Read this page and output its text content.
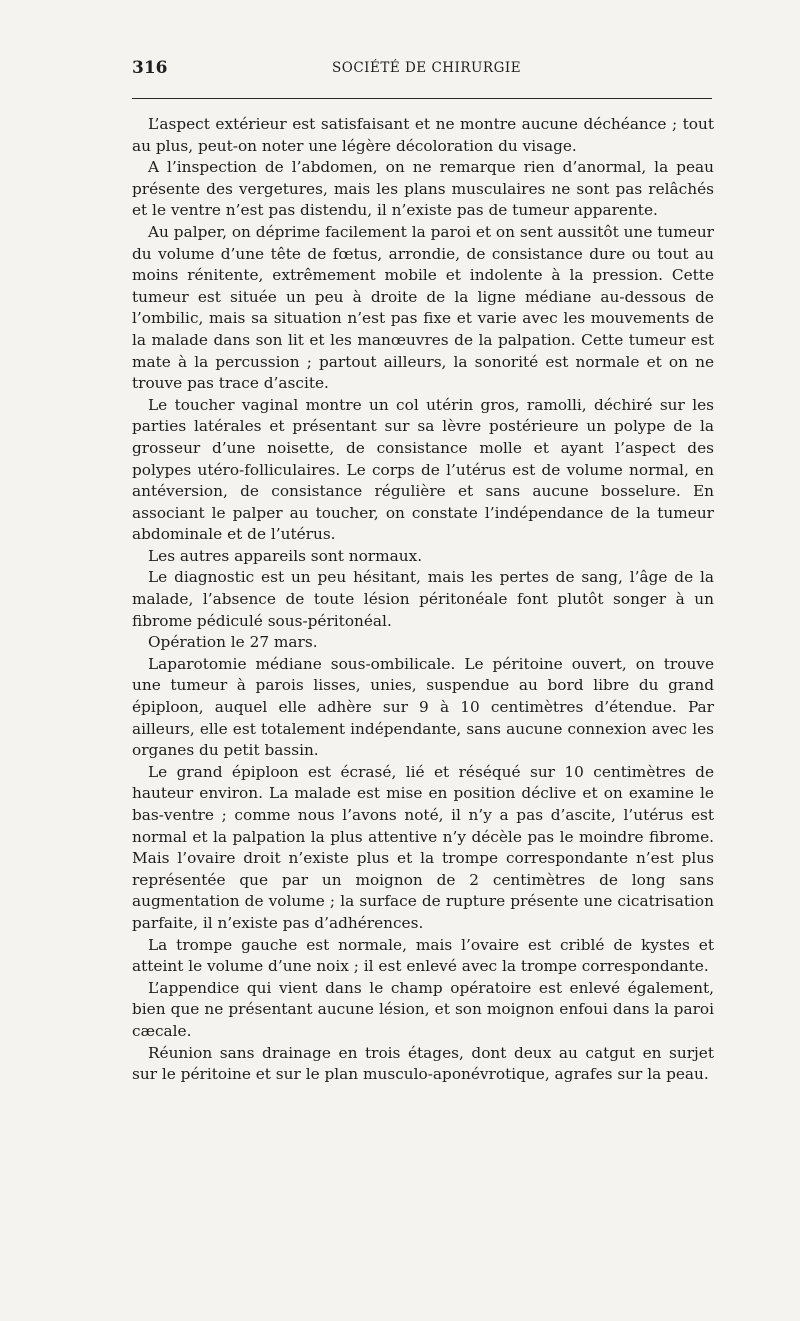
316	SOCIÉTÉ DE CHIRURGIE

L’aspect extérieur est satisfaisant et ne montre aucune déchéance ; tout au plus, peut-on noter une légère décoloration du visage.

A l’inspection de l’abdomen, on ne remarque rien d’anormal, la peau présente des vergetures, mais les plans musculaires ne sont pas relâchés et le ventre n’est pas distendu, il n’existe pas de tumeur apparente.

Au palper, on déprime facilement la paroi et on sent aussitôt une tumeur du volume d’une tête de fœtus, arrondie, de consistance dure ou tout au moins rénitente, extrêmement mobile et indolente à la pression. Cette tumeur est située un peu à droite de la ligne médiane au-dessous de l’ombilic, mais sa situation n’est pas fixe et varie avec les mouvements de la malade dans son lit et les manœuvres de la palpation. Cette tumeur est mate à la percussion ; partout ailleurs, la sonorité est normale et on ne trouve pas trace d’ascite.

Le toucher vaginal montre un col utérin gros, ramolli, déchiré sur les parties latérales et présentant sur sa lèvre postérieure un polype de la grosseur d’une noisette, de consistance molle et ayant l’aspect des polypes utéro-folliculaires. Le corps de l’utérus est de volume normal, en antéversion, de consistance régulière et sans aucune bosselure. En associant le palper au toucher, on constate l’indépendance de la tumeur abdominale et de l’utérus.

Les autres appareils sont normaux.

Le diagnostic est un peu hésitant, mais les pertes de sang, l’âge de la malade, l’absence de toute lésion péritonéale font plutôt songer à un fibrome pédiculé sous-péritonéal.

Opération le 27 mars.

Laparotomie médiane sous-ombilicale. Le péritoine ouvert, on trouve une tumeur à parois lisses, unies, suspendue au bord libre du grand épiploon, auquel elle adhère sur 9 à 10 centimètres d’étendue. Par ailleurs, elle est totalement indépendante, sans aucune connexion avec les organes du petit bassin.

Le grand épiploon est écrasé, lié et réséqué sur 10 centimètres de hauteur environ. La malade est mise en position déclive et on examine le bas-ventre ; comme nous l’avons noté, il n’y a pas d’ascite, l’utérus est normal et la palpation la plus attentive n’y décèle pas le moindre fibrome. Mais l’ovaire droit n’existe plus et la trompe correspondante n’est plus représentée que par un moignon de 2 centimètres de long sans augmentation de volume ; la surface de rupture présente une cicatrisation parfaite, il n’existe pas d’adhérences.

La trompe gauche est normale, mais l’ovaire est criblé de kystes et atteint le volume d’une noix ; il est enlevé avec la trompe correspondante.

L’appendice qui vient dans le champ opératoire est enlevé également, bien que ne présentant aucune lésion, et son moignon enfoui dans la paroi cæcale.

Réunion sans drainage en trois étages, dont deux au catgut en surjet sur le péritoine et sur le plan musculo-aponévrotique, agrafes sur la peau.
